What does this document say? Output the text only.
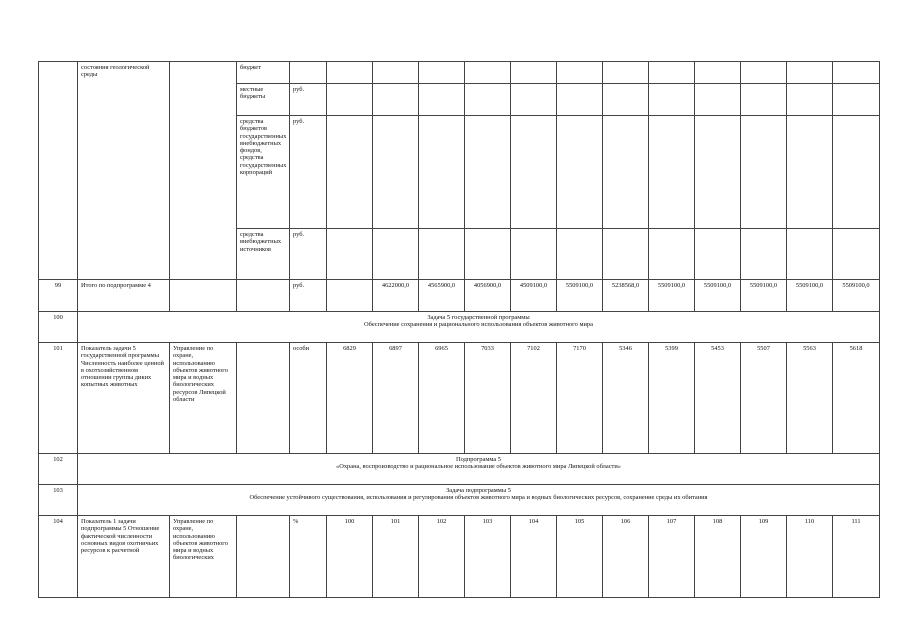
	состояния геологической среды		бюджет													
			местные бюджеты	руб.												
			средства бюджетов государственных внебюджетных фондов, средства государственных корпораций	руб.												
			средства внебюджетных источников	руб.												
99	Итого по подпрограмме 4			руб.		4622000,0	4565900,0	4056900,0	4509100,0	5509100,0	5238568,0	5509100,0	5509100,0	5509100,0	5509100,0	5509100,0
100	Задача 5 государственной программы
Обеспечение сохранения и рационального использования объектов животного мира															

101	Показатель задачи 5 государственной программы Численность наиболее ценной в охотхозяйственном отношении группы диких копытных животных	Управление по охране, использованию объектов животного мира и водных биологических ресурсов Липецкой области		особи	6829	6897	6965	7033	7102	7170	5346	5399	5453	5507	5563	5618
102	Подпрограмма 5
«Охрана, воспроизводство и рациональное использование объектов животного мира Липецкой области»															

103	Задача подпрограммы 5
Обеспечение устойчивого существования, использования и регулирования объектов животного мира и водных биологических ресурсов, сохранение среды их обитания															

104	Показатель 1 задачи подпрограммы 5 Отношение фактической численности основных видов охотничьих ресурсов к расчетной	Управление по охране, использованию объектов животного мира и водных биологических		%	100	101	102	103	104	105	106	107	108	109	110	111
